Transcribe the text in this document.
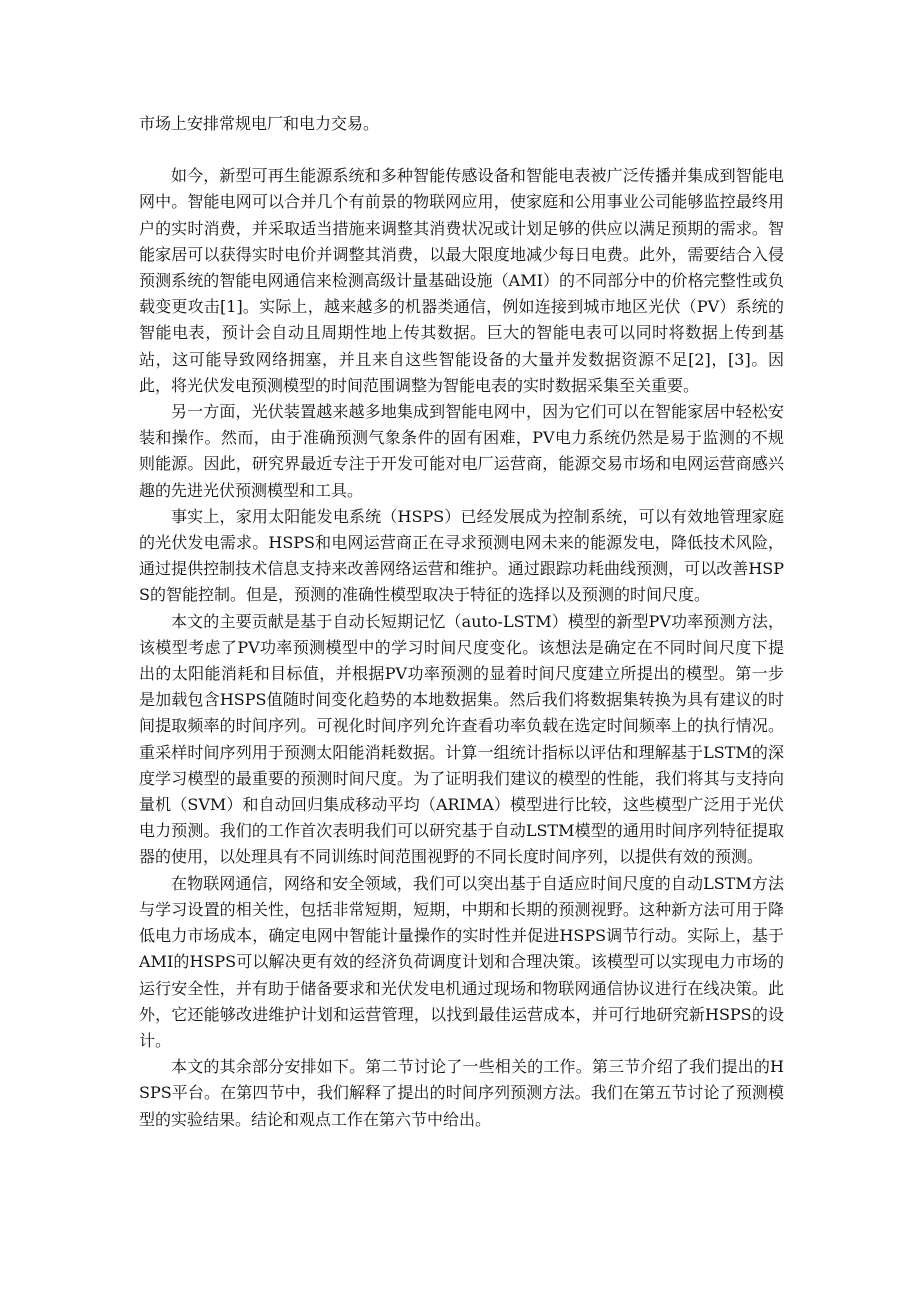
市场上安排常规电厂和电力交易。

如今，新型可再生能源系统和多种智能传感设备和智能电表被广泛传播并集成到智能电网中。智能电网可以合并几个有前景的物联网应用，使家庭和公用事业公司能够监控最终用户的实时消费，并采取适当措施来调整其消费状况或计划足够的供应以满足预期的需求。智能家居可以获得实时电价并调整其消费，以最大限度地减少每日电费。此外，需要结合入侵预测系统的智能电网通信来检测高级计量基础设施（AMI）的不同部分中的价格完整性或负载变更攻击[1]。实际上，越来越多的机器类通信，例如连接到城市地区光伏（PV）系统的智能电表，预计会自动且周期性地上传其数据。巨大的智能电表可以同时将数据上传到基站，这可能导致网络拥塞，并且来自这些智能设备的大量并发数据资源不足[2]，[3]。因此，将光伏发电预测模型的时间范围调整为智能电表的实时数据采集至关重要。

另一方面，光伏装置越来越多地集成到智能电网中，因为它们可以在智能家居中轻松安装和操作。然而，由于准确预测气象条件的固有困难，PV电力系统仍然是易于监测的不规则能源。因此，研究界最近专注于开发可能对电厂运营商，能源交易市场和电网运营商感兴趣的先进光伏预测模型和工具。

事实上，家用太阳能发电系统（HSPS）已经发展成为控制系统，可以有效地管理家庭的光伏发电需求。HSPS和电网运营商正在寻求预测电网未来的能源发电，降低技术风险，通过提供控制技术信息支持来改善网络运营和维护。通过跟踪功耗曲线预测，可以改善HSPS的智能控制。但是，预测的准确性模型取决于特征的选择以及预测的时间尺度。

本文的主要贡献是基于自动长短期记忆（auto-LSTM）模型的新型PV功率预测方法，该模型考虑了PV功率预测模型中的学习时间尺度变化。该想法是确定在不同时间尺度下提出的太阳能消耗和目标值，并根据PV功率预测的显着时间尺度建立所提出的模型。第一步是加载包含HSPS值随时间变化趋势的本地数据集。然后我们将数据集转换为具有建议的时间提取频率的时间序列。可视化时间序列允许查看功率负载在选定时间频率上的执行情况。重采样时间序列用于预测太阳能消耗数据。计算一组统计指标以评估和理解基于LSTM的深度学习模型的最重要的预测时间尺度。为了证明我们建议的模型的性能，我们将其与支持向量机（SVM）和自动回归集成移动平均（ARIMA）模型进行比较，这些模型广泛用于光伏电力预测。我们的工作首次表明我们可以研究基于自动LSTM模型的通用时间序列特征提取器的使用，以处理具有不同训练时间范围视野的不同长度时间序列，以提供有效的预测。

在物联网通信，网络和安全领域，我们可以突出基于自适应时间尺度的自动LSTM方法与学习设置的相关性，包括非常短期，短期，中期和长期的预测视野。这种新方法可用于降低电力市场成本，确定电网中智能计量操作的实时性并促进HSPS调节行动。实际上，基于AMI的HSPS可以解决更有效的经济负荷调度计划和合理决策。该模型可以实现电力市场的运行安全性，并有助于储备要求和光伏发电机通过现场和物联网通信协议进行在线决策。此外，它还能够改进维护计划和运营管理，以找到最佳运营成本，并可行地研究新HSPS的设计。

本文的其余部分安排如下。第二节讨论了一些相关的工作。第三节介绍了我们提出的HSPS平台。在第四节中，我们解释了提出的时间序列预测方法。我们在第五节讨论了预测模型的实验结果。结论和观点工作在第六节中给出。
